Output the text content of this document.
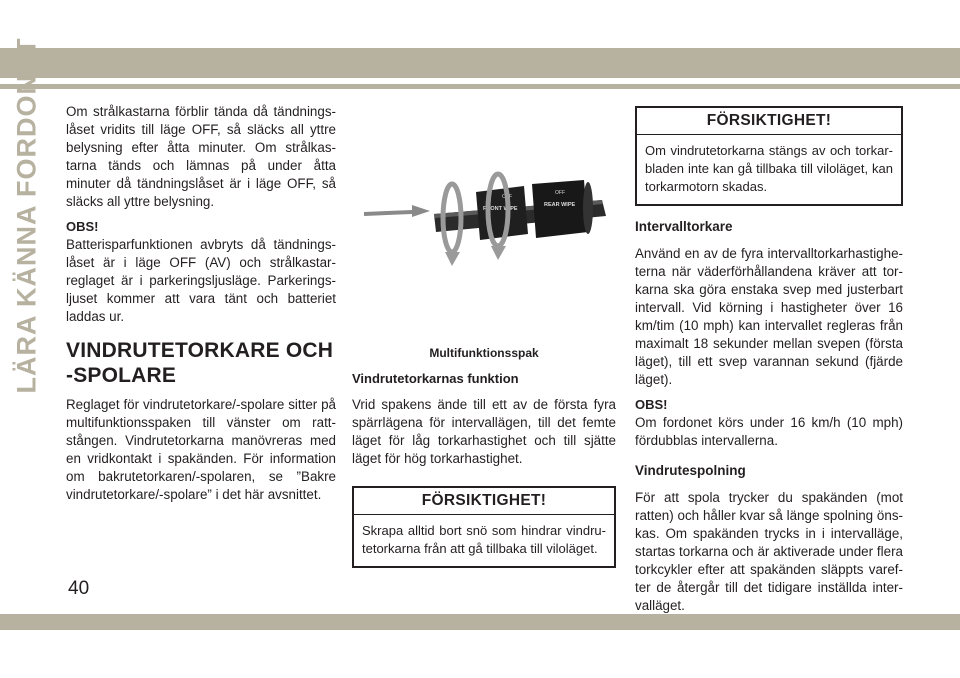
LÄRA KÄNNA FORDONET Om strålkastarna förblir tända då tändningslåset vridits till läge OFF, så släcks all yttre belysning efter åtta minuter. Om strålkastarna tänds och lämnas på under åtta minuter då tändningslåset är i läge OFF, så släcks all yttre belysning.

OBS!

Batterisparfunktionen avbryts då tändningslåset är i läge OFF (AV) och strålkastarreglaget är i parkeringsljusläge. Parkeringsljuset kommer att vara tänt och batteriet laddas ur.

VINDRUTETORKARE OCH -SPOLARE

Reglaget för vindrutetorkare/-spolare sitter på multifunktionsspaken till vänster om rattstången. Vindrutetorkarna manövreras med en vridkontakt i spakänden. För information om bakrutetorkaren/-spolaren, se ”Bakre vindrutetorkare/-spolare” i det här avsnittet.

FRONT WIPE
OFF
REAR WIPE
OFF
Multifunktionsspak
Vindrutetorkarnas funktion

Vrid spakens ände till ett av de första fyra spärrlägena för intervallägen, till det femte läget för låg torkarhastighet och till sjätte läget för hög torkarhastighet.

FÖRSIKTIGHET!
Skrapa alltid bort snö som hindrar vindrutetorkarna från att gå tillbaka till viloläget.
FÖRSIKTIGHET!
Om vindrutetorkarna stängs av och torkarbladen inte kan gå tillbaka till viloläget, kan torkarmotorn skadas.
Intervalltorkare

Använd en av de fyra intervalltorkarhastigheterna när väderförhållandena kräver att torkarna ska göra enstaka svep med justerbart intervall. Vid körning i hastigheter över 16 km/tim (10 mph) kan intervallet regleras från maximalt 18 sekunder mellan svepen (första läget), till ett svep varannan sekund (fjärde läget).

OBS!

Om fordonet körs under 16 km/h (10 mph) fördubblas intervallerna.

Vindrutespolning

För att spola trycker du spakänden (mot ratten) och håller kvar så länge spolning önskas. Om spakänden trycks in i intervalläge, startas torkarna och är aktiverade under flera torkcykler efter att spakänden släppts varefter de återgår till det tidigare inställda intervalläget.

40
